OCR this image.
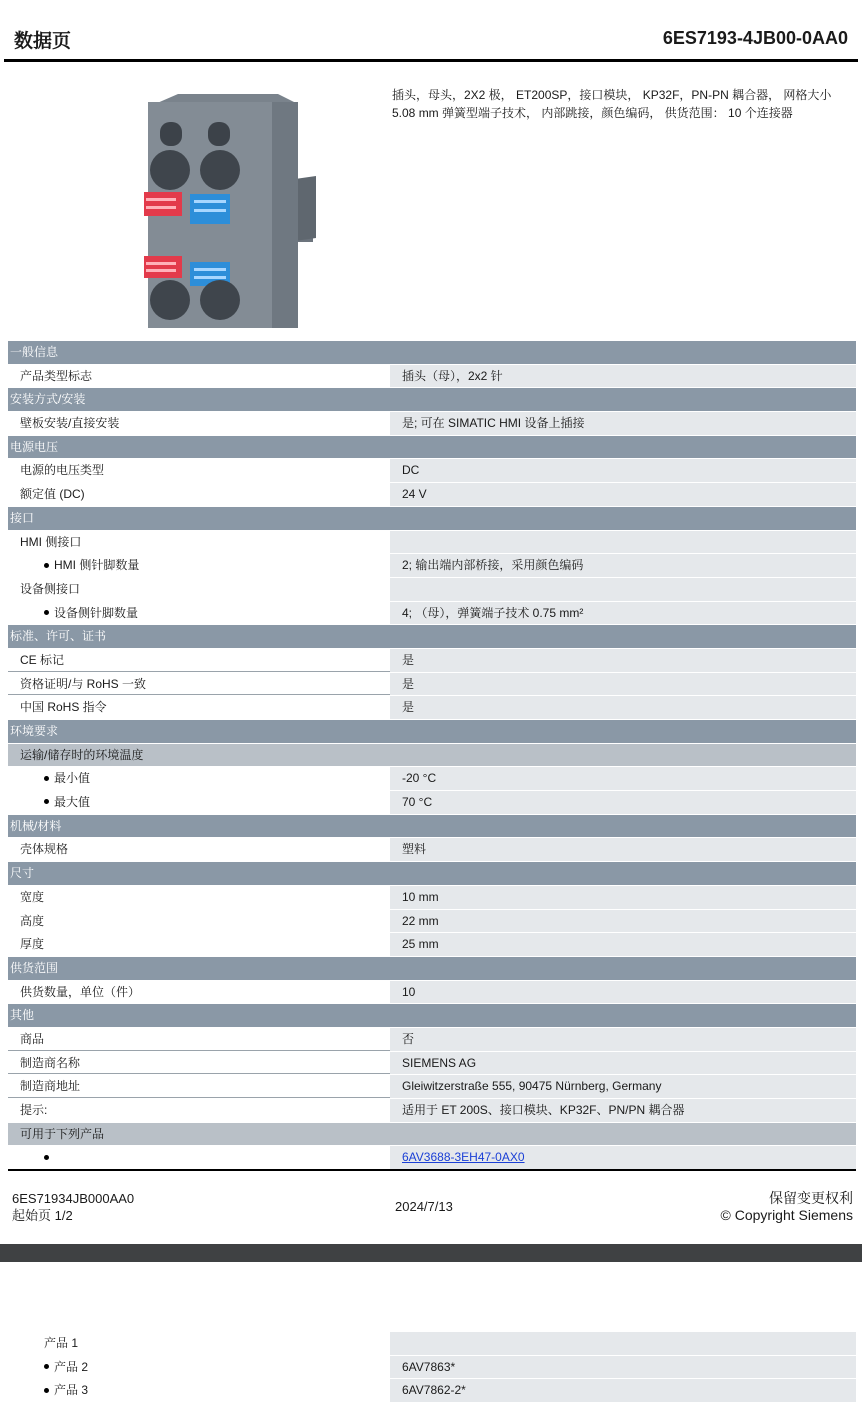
数据页	6ES7193-4JB00-0AA0
插头，母头，2X2 极， ET200SP，接口模块， KP32F，PN-PN 耦合器， 网格大小 5.08 mm 弹簧型端子技术， 内部跳接，颜色编码， 供货范围： 10 个连接器
一般信息
产品类型标志	插头（母），2x2 针
安装方式/安装
壁板安装/直接安装	是; 可在 SIMATIC HMI 设备上插接
电源电压
电源的电压类型	DC
额定值 (DC)	24 V
接口
HMI 侧接口
HMI 侧针脚数量	2; 输出端内部桥接，采用颜色编码
设备侧接口
设备侧针脚数量	4; （母），弹簧端子技术 0.75 mm²
标准、许可、证书
CE 标记	是
资格证明/与 RoHS 一致	是
中国 RoHS 指令	是
环境要求
运输/储存时的环境温度
最小值	-20 °C
最大值	70 °C
机械/材料
壳体规格	塑料
尺寸
宽度	10 mm
高度	22 mm
厚度	25 mm
供货范围
供货数量，单位（件）	10
其他
商品	否
制造商名称	SIEMENS AG
制造商地址	Gleiwitzerstraße 555, 90475 Nürnberg, Germany
提示:	适用于 ET 200S、接口模块、KP32F、PN/PN 耦合器
可用于下列产品
6AV3688-3EH47-0AX0
6ES71934JB000AA0
起始页 1/2
2024/7/13
保留变更权利
© Copyright Siemens
产品 1
产品 2	6AV7863*
产品 3	6AV7862-2*
